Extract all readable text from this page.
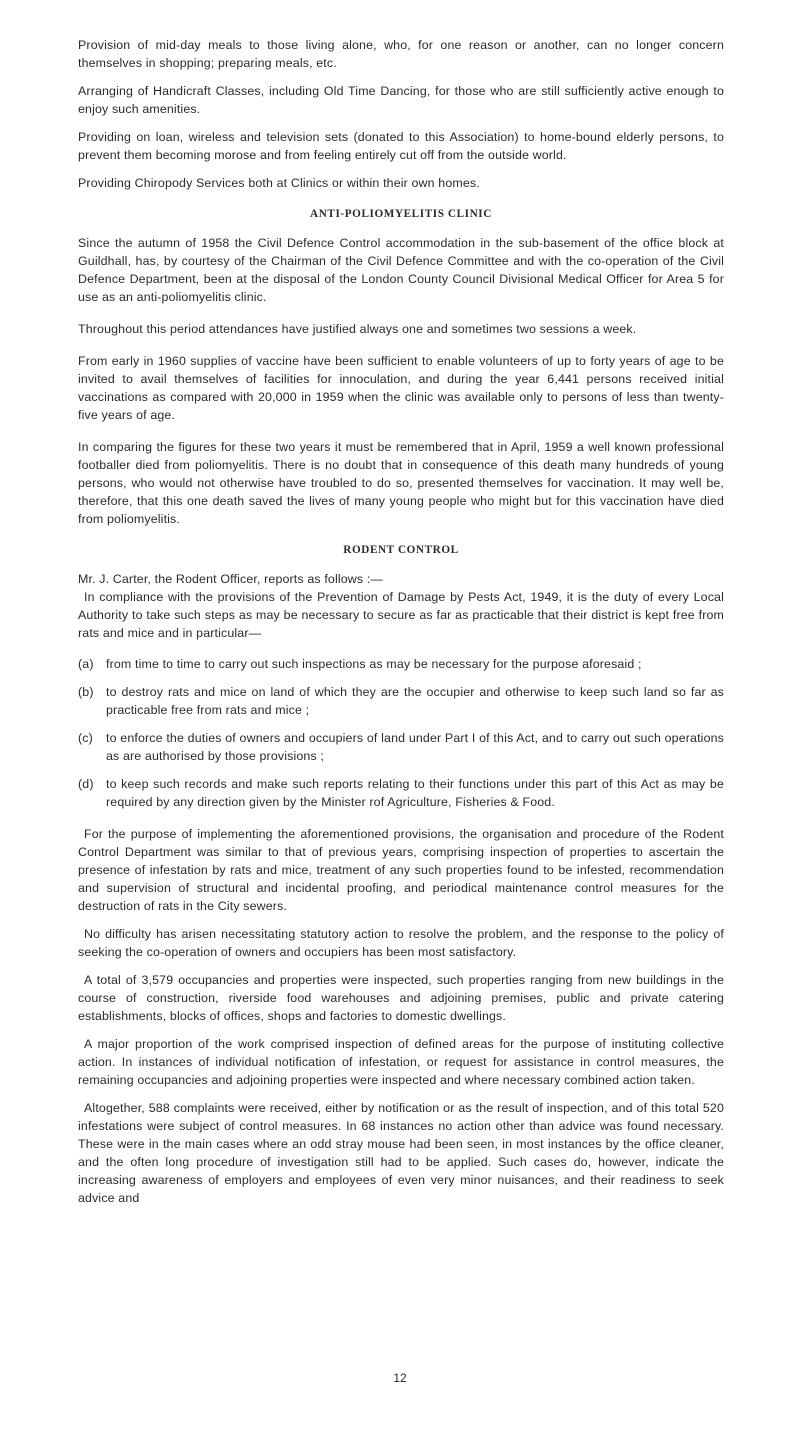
Provision of mid-day meals to those living alone, who, for one reason or another, can no longer concern themselves in shopping; preparing meals, etc.

Arranging of Handicraft Classes, including Old Time Dancing, for those who are still sufficiently active enough to enjoy such amenities.

Providing on loan, wireless and television sets (donated to this Association) to home-bound elderly persons, to prevent them becoming morose and from feeling entirely cut off from the outside world.

Providing Chiropody Services both at Clinics or within their own homes.

ANTI-POLIOMYELITIS CLINIC

Since the autumn of 1958 the Civil Defence Control accommodation in the sub-basement of the office block at Guildhall, has, by courtesy of the Chairman of the Civil Defence Committee and with the co-operation of the Civil Defence Department, been at the disposal of the London County Council Divisional Medical Officer for Area 5 for use as an anti-poliomyelitis clinic.

Throughout this period attendances have justified always one and sometimes two sessions a week.

From early in 1960 supplies of vaccine have been sufficient to enable volunteers of up to forty years of age to be invited to avail themselves of facilities for innoculation, and during the year 6,441 persons received initial vaccinations as compared with 20,000 in 1959 when the clinic was available only to persons of less than twenty-five years of age.

In comparing the figures for these two years it must be remembered that in April, 1959 a well known professional footballer died from poliomyelitis. There is no doubt that in consequence of this death many hundreds of young persons, who would not otherwise have troubled to do so, presented themselves for vaccination. It may well be, therefore, that this one death saved the lives of many young people who might but for this vaccination have died from poliomyelitis.

RODENT CONTROL

Mr. J. Carter, the Rodent Officer, reports as follows :—

In compliance with the provisions of the Prevention of Damage by Pests Act, 1949, it is the duty of every Local Authority to take such steps as may be necessary to secure as far as practicable that their district is kept free from rats and mice and in particular—

(a)	from time to time to carry out such inspections as may be necessary for the purpose aforesaid ;
(b)	to destroy rats and mice on land of which they are the occupier and otherwise to keep such land so far as practicable free from rats and mice ;
(c)	to enforce the duties of owners and occupiers of land under Part I of this Act, and to carry out such operations as are authorised by those provisions ;
(d)	to keep such records and make such reports relating to their functions under this part of this Act as may be required by any direction given by the Minister rof Agriculture, Fisheries & Food.

For the purpose of implementing the aforementioned provisions, the organisation and procedure of the Rodent Control Department was similar to that of previous years, comprising inspection of properties to ascertain the presence of infestation by rats and mice, treatment of any such properties found to be infested, recommendation and supervision of structural and incidental proofing, and periodical maintenance control measures for the destruction of rats in the City sewers.

No difficulty has arisen necessitating statutory action to resolve the problem, and the response to the policy of seeking the co-operation of owners and occupiers has been most satisfactory.

A total of 3,579 occupancies and properties were inspected, such properties ranging from new buildings in the course of construction, riverside food warehouses and adjoining premises, public and private catering establishments, blocks of offices, shops and factories to domestic dwellings.

A major proportion of the work comprised inspection of defined areas for the purpose of instituting collective action. In instances of individual notification of infestation, or request for assistance in control measures, the remaining occupancies and adjoining properties were inspected and where necessary combined action taken.

Altogether, 588 complaints were received, either by notification or as the result of inspection, and of this total 520 infestations were subject of control measures. In 68 instances no action other than advice was found necessary. These were in the main cases where an odd stray mouse had been seen, in most instances by the office cleaner, and the often long procedure of investigation still had to be applied. Such cases do, however, indicate the increasing awareness of employers and employees of even very minor nuisances, and their readiness to seek advice and

12
